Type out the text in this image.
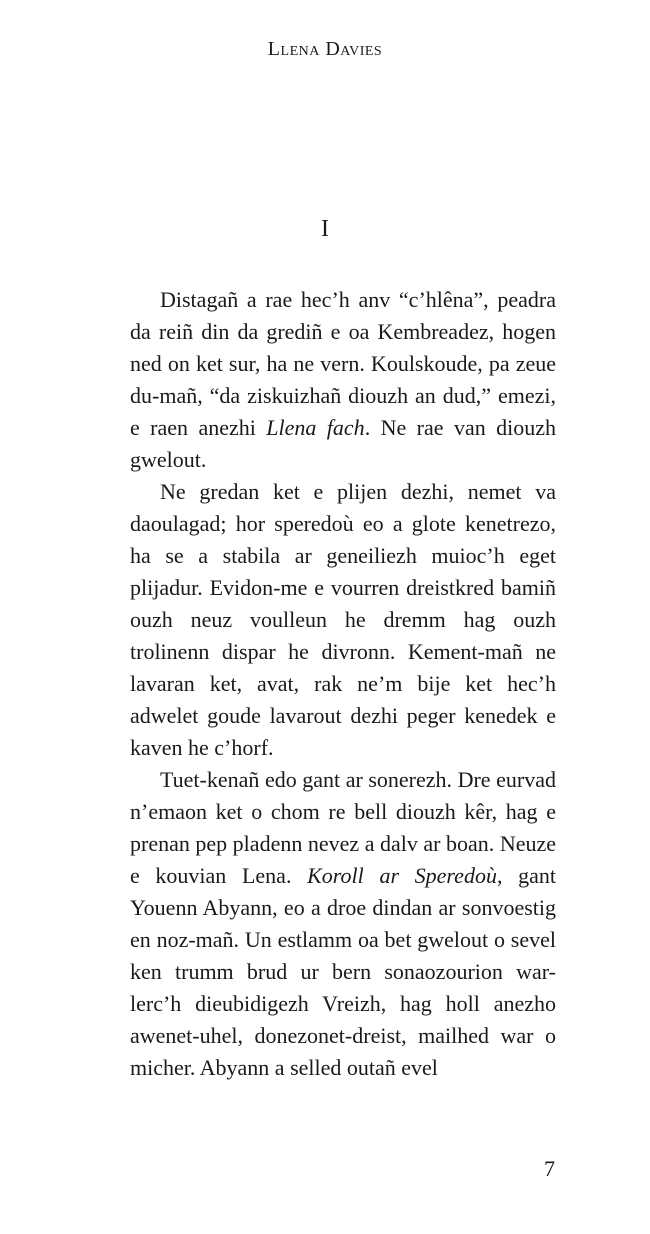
Llena Davies
I

Distagañ a rae hec’h anv “c’hlêna”, peadra da reiñ din da grediñ e oa Kembreadez, hogen ned on ket sur, ha ne vern. Koulskoude, pa zeue du-mañ, “da ziskuizhañ diouzh an dud,” emezi, e raen anezhi Llena fach. Ne rae van diouzh gwelout.

Ne gredan ket e plijen dezhi, nemet va daoulagad; hor speredoù eo a glote kenetrezo, ha se a stabila ar geneiliezh muioc’h eget plijadur. Evidon-me e vourren dreistkred bamiñ ouzh neuz voulleun he dremm hag ouzh trolinenn dispar he divronn. Kement-mañ ne lavaran ket, avat, rak ne’m bije ket hec’h adwelet goude lavarout dezhi peger kenedek e kaven he c’horf.

Tuet-kenañ edo gant ar sonerezh. Dre eurvad n’emaon ket o chom re bell diouzh kêr, hag e prenan pep pladenn nevez a dalv ar boan. Neuze e kouvian Lena. Koroll ar Speredoù, gant Youenn Abyann, eo a droe dindan ar sonvoestig en noz-mañ. Un estlamm oa bet gwelout o sevel ken trumm brud ur bern sonaozourion war-lerc’h dieubidigezh Vreizh, hag holl anezho awenet-uhel, donezonet-dreist, mailhed war o micher. Abyann a selled outañ evel

7
